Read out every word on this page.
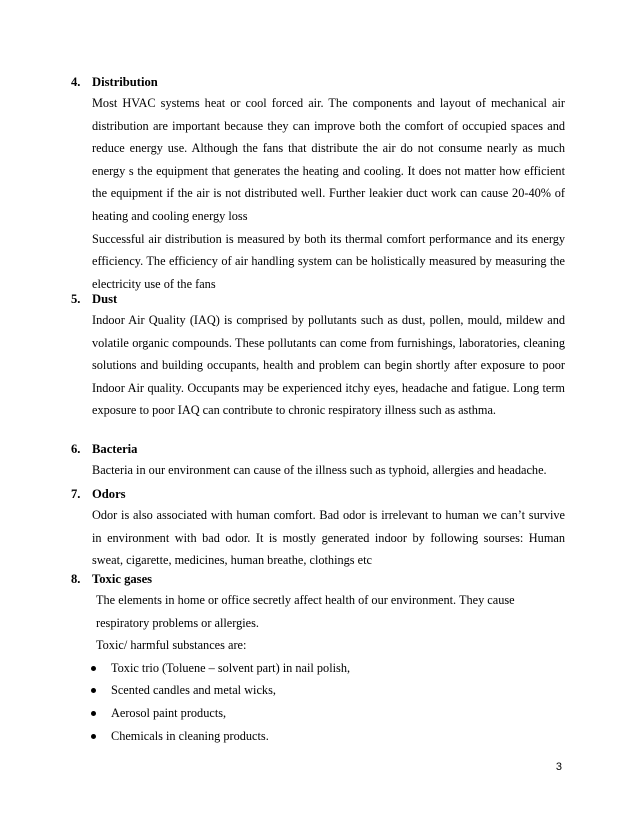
4. Distribution
Most HVAC systems heat or cool forced air. The components and layout of mechanical air distribution are important because they can improve both the comfort of occupied spaces and reduce energy use. Although the fans that distribute the air do not consume nearly as much energy s the equipment that generates the heating and cooling. It does not matter how efficient the equipment if the air is not distributed well. Further leakier duct work can cause 20-40% of heating and cooling energy loss
Successful air distribution is measured by both its thermal comfort performance and its energy efficiency. The efficiency of air handling system can be holistically measured by measuring the electricity use of the fans
5. Dust
Indoor Air Quality (IAQ) is comprised by pollutants such as dust, pollen, mould, mildew and volatile organic compounds. These pollutants can come from furnishings, laboratories, cleaning solutions and building occupants, health and problem can begin shortly after exposure to poor Indoor Air quality. Occupants may be experienced itchy eyes, headache and fatigue. Long term exposure to poor IAQ can contribute to chronic respiratory illness such as asthma.
6. Bacteria
Bacteria in our environment can cause of the illness such as typhoid, allergies and headache.
7. Odors
Odor is also associated with human comfort. Bad odor is irrelevant to human we can’t survive in environment with bad odor. It is mostly generated indoor by following sourses: Human sweat, cigarette, medicines, human breathe, clothings etc
8. Toxic gases
The elements in home or office secretly affect health of our environment. They cause respiratory problems or allergies.
Toxic/ harmful substances are:
Toxic trio (Toluene – solvent part) in nail polish,
Scented candles and metal wicks,
Aerosol paint products,
Chemicals in cleaning products.
3
